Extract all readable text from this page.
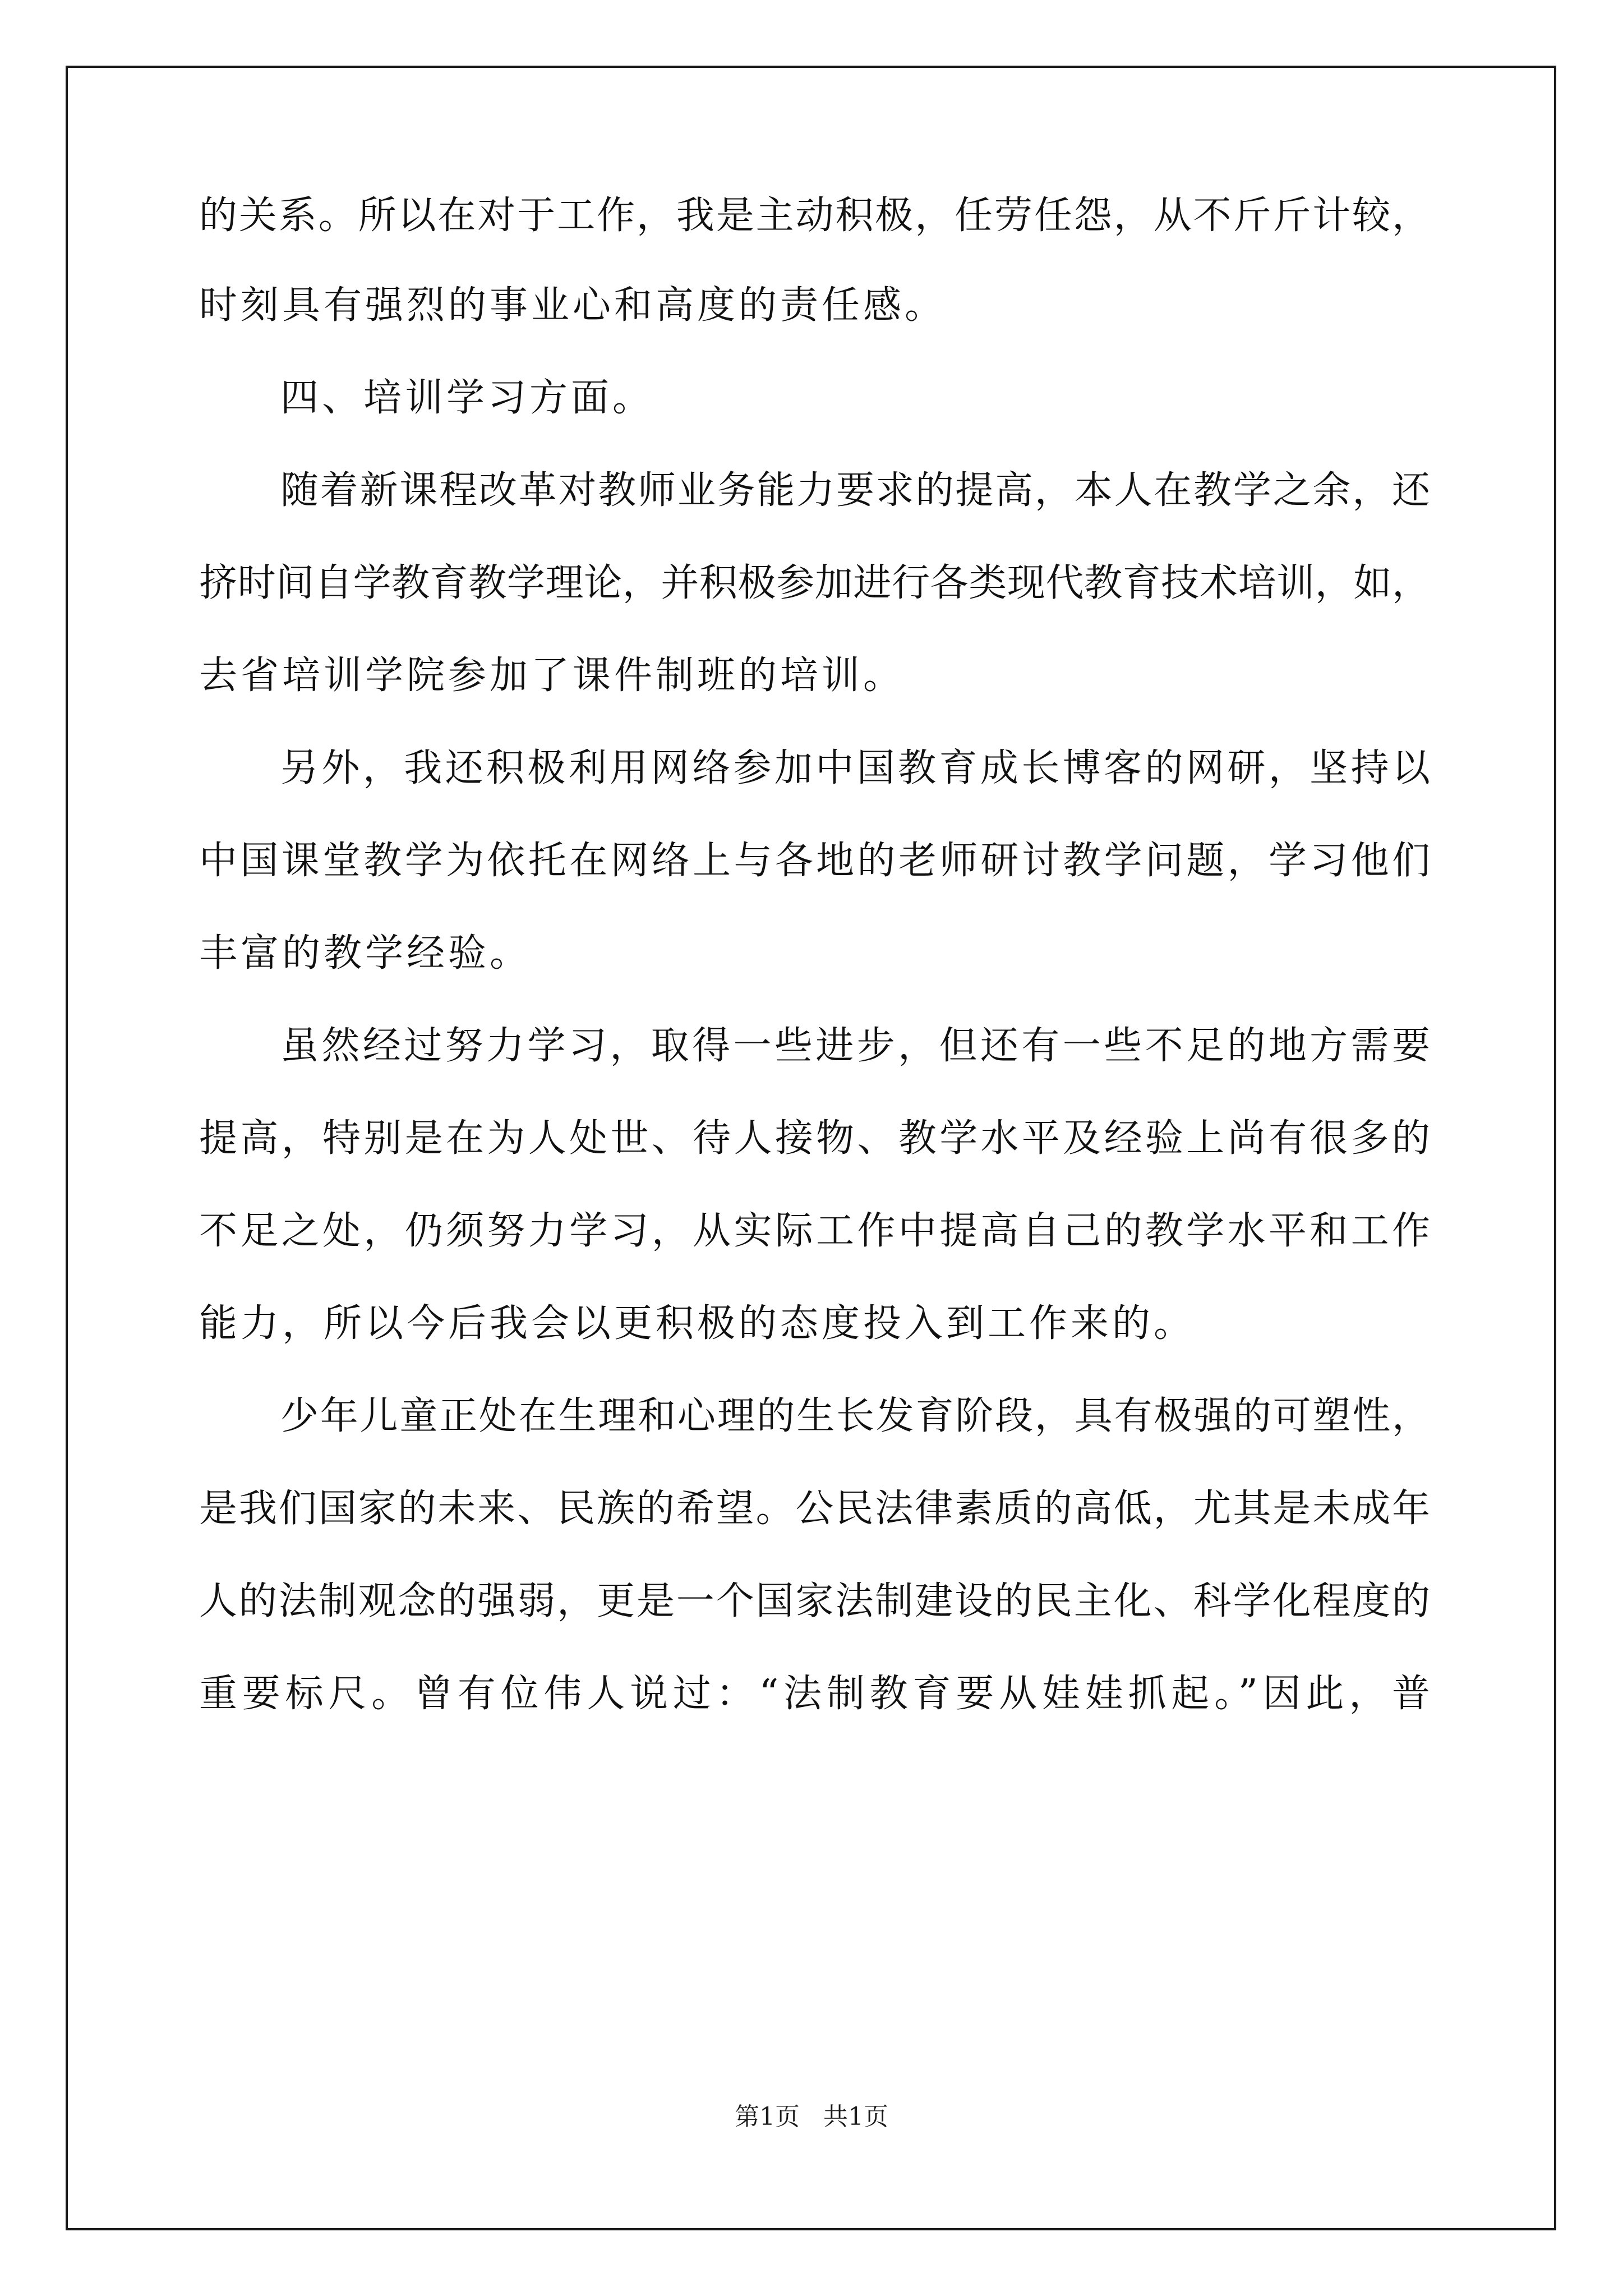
的关系。所以在对于工作，我是主动积极，任劳任怨，从不斤斤计较，
时刻具有强烈的事业心和高度的责任感。
四、培训学习方面。
随着新课程改革对教师业务能力要求的提高，本人在教学之余，还
挤时间自学教育教学理论，并积极参加进行各类现代教育技术培训，如，
去省培训学院参加了课件制班的培训。
另外，我还积极利用网络参加中国教育成长博客的网研，坚持以
中国课堂教学为依托在网络上与各地的老师研讨教学问题，学习他们
丰富的教学经验。
虽然经过努力学习，取得一些进步，但还有一些不足的地方需要
提高，特别是在为人处世、待人接物、教学水平及经验上尚有很多的
不足之处，仍须努力学习，从实际工作中提高自己的教学水平和工作
能力，所以今后我会以更积极的态度投入到工作来的。
少年儿童正处在生理和心理的生长发育阶段，具有极强的可塑性，
是我们国家的未来、民族的希望。公民法律素质的高低，尤其是未成年
人的法制观念的强弱，更是一个国家法制建设的民主化、科学化程度的
重要标尺。曾有位伟人说过：“法制教育要从娃娃抓起。”因此，普
第1页   共1页
